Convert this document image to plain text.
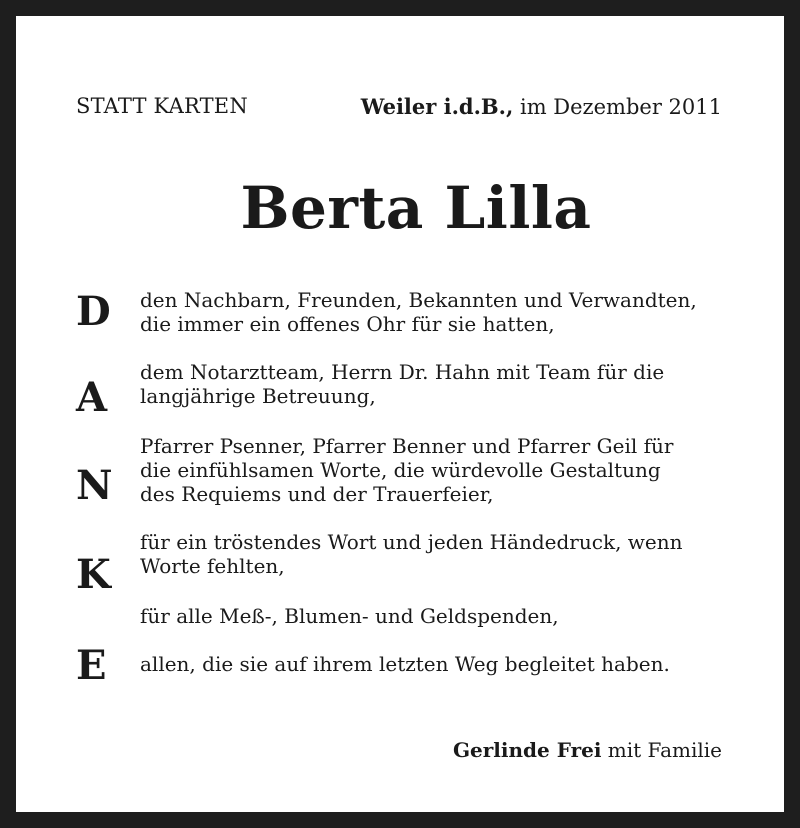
STATT KARTEN	Weiler i.d.B., im Dezember 2011
Berta Lilla
D
A
N
K
E
den Nachbarn, Freunden, Bekannten und Verwandten,
die immer ein offenes Ohr für sie hatten,
dem Notarztteam, Herrn Dr. Hahn mit Team für die
langjährige Betreuung,
Pfarrer Psenner, Pfarrer Benner und Pfarrer Geil für
die einfühlsamen Worte, die würdevolle Gestaltung
des Requiems und der Trauerfeier,
für ein tröstendes Wort und jeden Händedruck, wenn
Worte fehlten,
für alle Meß-, Blumen- und Geldspenden,
allen, die sie auf ihrem letzten Weg begleitet haben.
Gerlinde Frei mit Familie
